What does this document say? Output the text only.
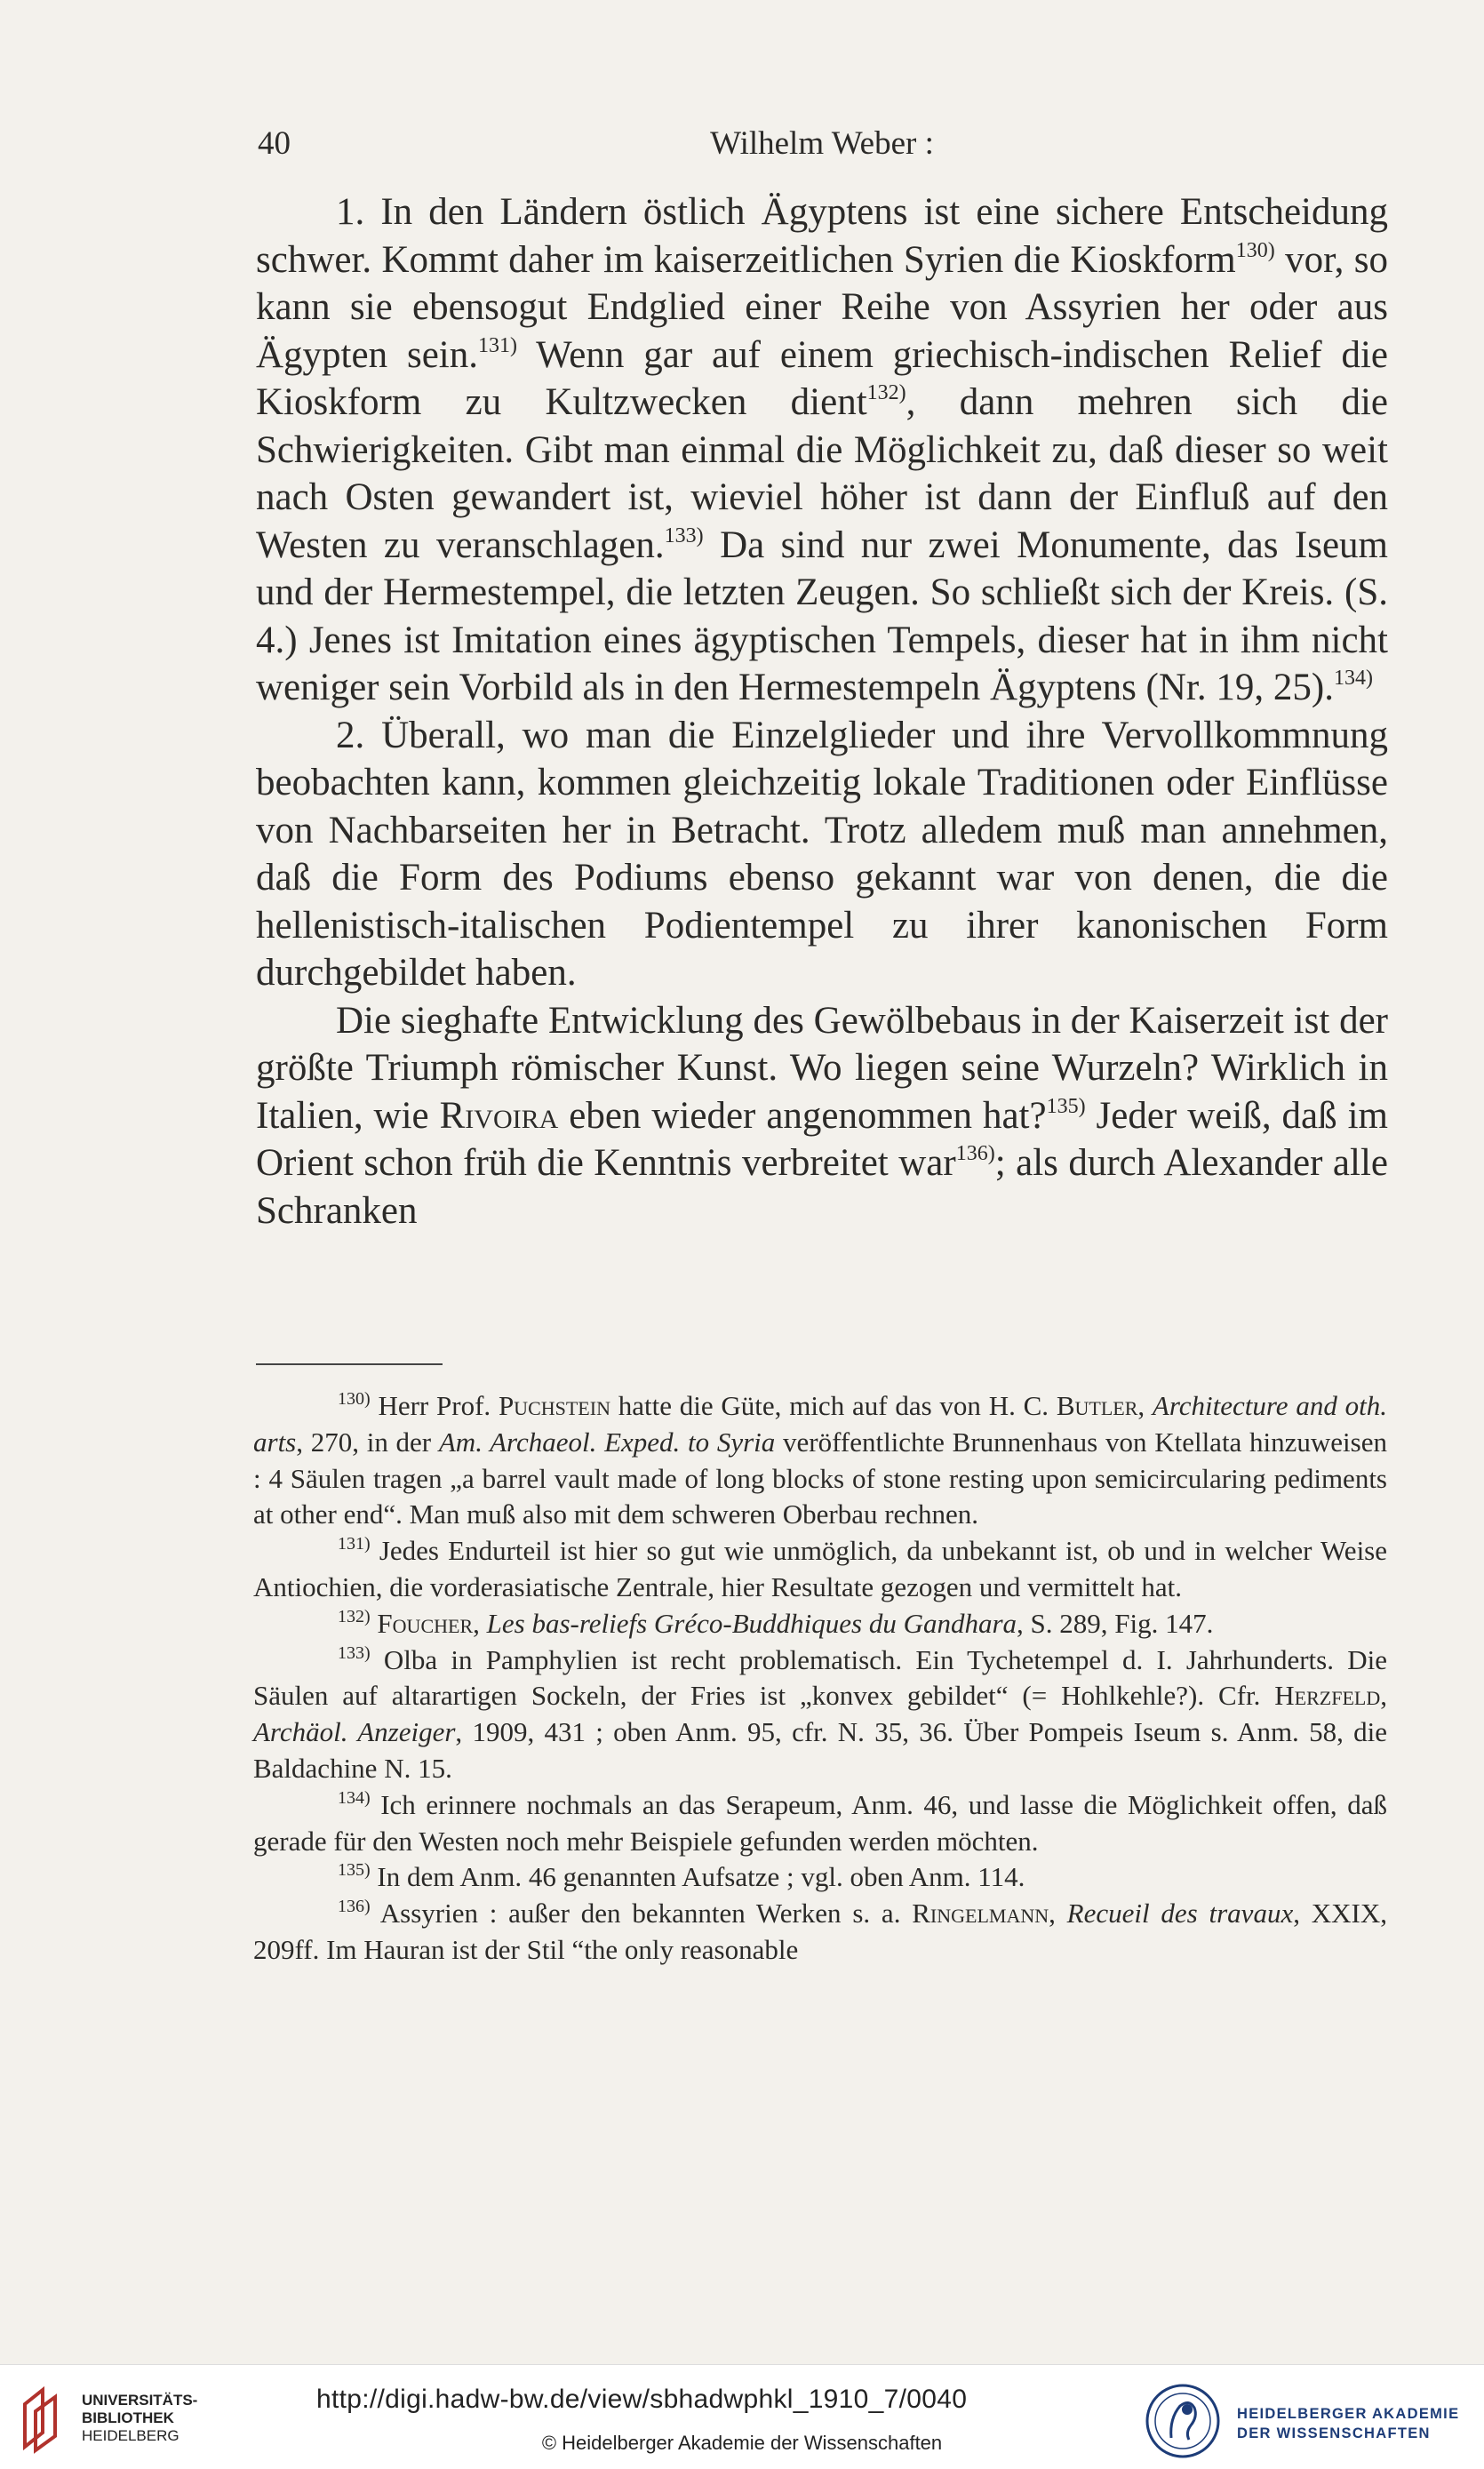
40	Wilhelm Weber :

1. In den Ländern östlich Ägyptens ist eine sichere Entscheidung schwer. Kommt daher im kaiserzeitlichen Syrien die Kioskform$^{130)}$ vor, so kann sie ebensogut Endglied einer Reihe von Assyrien her oder aus Ägypten sein.$^{131)}$ Wenn gar auf einem griechisch-indischen Relief die Kioskform zu Kultzwecken dient$^{132)}$, dann mehren sich die Schwierigkeiten. Gibt man einmal die Möglichkeit zu, daß dieser so weit nach Osten gewandert ist, wieviel höher ist dann der Einfluß auf den Westen zu veranschlagen.$^{133)}$ Da sind nur zwei Monumente, das Iseum und der Hermestempel, die letzten Zeugen. So schließt sich der Kreis. (S. 4.) Jenes ist Imitation eines ägyptischen Tempels, dieser hat in ihm nicht weniger sein Vorbild als in den Hermestempeln Ägyptens (Nr. 19, 25).$^{134)}$

2. Überall, wo man die Einzelglieder und ihre Vervollkommnung beobachten kann, kommen gleichzeitig lokale Traditionen oder Einflüsse von Nachbarseiten her in Betracht. Trotz alledem muß man annehmen, daß die Form des Podiums ebenso gekannt war von denen, die die hellenistisch-italischen Podientempel zu ihrer kanonischen Form durchgebildet haben.

Die sieghafte Entwicklung des Gewölbebaus in der Kaiserzeit ist der größte Triumph römischer Kunst. Wo liegen seine Wurzeln? Wirklich in Italien, wie Rivoira eben wieder angenommen hat?$^{135)}$ Jeder weiß, daß im Orient schon früh die Kenntnis verbreitet war$^{136)}$; als durch Alexander alle Schranken

$^{130)}$ Herr Prof. Puchstein hatte die Güte, mich auf das von H. C. Butler, Architecture and oth. arts, 270, in der Am. Archaeol. Exped. to Syria veröffentlichte Brunnenhaus von Ktellata hinzuweisen : 4 Säulen tragen „a barrel vault made of long blocks of stone resting upon semicircularing pediments at other end“. Man muß also mit dem schweren Oberbau rechnen.

$^{131)}$ Jedes Endurteil ist hier so gut wie unmöglich, da unbekannt ist, ob und in welcher Weise Antiochien, die vorderasiatische Zentrale, hier Resultate gezogen und vermittelt hat.

$^{132)}$ Foucher, Les bas-reliefs Gréco-Buddhiques du Gandhara, S. 289, Fig. 147.

$^{133)}$ Olba in Pamphylien ist recht problematisch. Ein Tychetempel d. I. Jahrhunderts. Die Säulen auf altarartigen Sockeln, der Fries ist „konvex gebildet“ (= Hohlkehle?). Cfr. Herzfeld, Archäol. Anzeiger, 1909, 431 ; oben Anm. 95, cfr. N. 35, 36. Über Pompeis Iseum s. Anm. 58, die Baldachine N. 15.

$^{134)}$ Ich erinnere nochmals an das Serapeum, Anm. 46, und lasse die Möglichkeit offen, daß gerade für den Westen noch mehr Beispiele gefunden werden möchten.

$^{135)}$ In dem Anm. 46 genannten Aufsatze ; vgl. oben Anm. 114.

$^{136)}$ Assyrien : außer den bekannten Werken s. a. Ringelmann, Recueil des travaux, XXIX, 209ff. Im Hauran ist der Stil “the only reasonable

UNIVERSITÄTS-
BIBLIOTHEK
HEIDELBERG
http://digi.hadw-bw.de/view/sbhadwphkl_1910_7/0040
© Heidelberger Akademie der Wissenschaften
HEIDELBERGER AKADEMIE
DER WISSENSCHAFTEN
